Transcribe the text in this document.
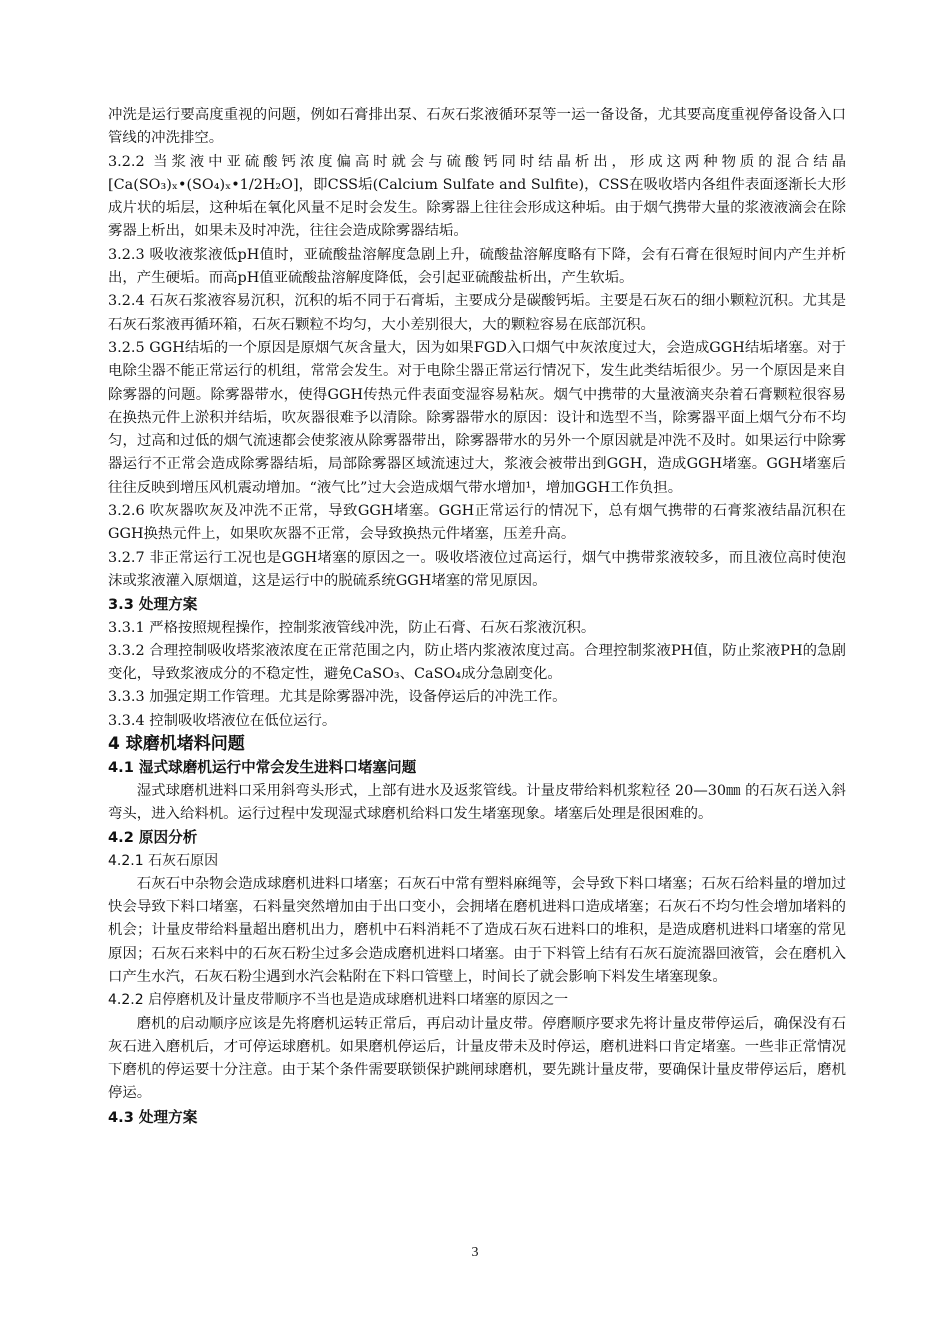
冲洗是运行要高度重视的问题，例如石膏排出泵、石灰石浆液循环泵等一运一备设备，尤其要高度重视停备设备入口管线的冲洗排空。

3.2.2 当浆液中亚硫酸钙浓度偏高时就会与硫酸钙同时结晶析出，形成这两种物质的混合结晶[Ca(SO₃)ₓ•(SO₄)ₓ•1/2H₂O]，即CSS垢(Calcium Sulfate and Sulfite)，CSS在吸收塔内各组件表面逐渐长大形成片状的垢层，这种垢在氧化风量不足时会发生。除雾器上往往会形成这种垢。由于烟气携带大量的浆液液滴会在除雾器上析出，如果未及时冲洗，往往会造成除雾器结垢。

3.2.3 吸收液浆液低pH值时，亚硫酸盐溶解度急剧上升，硫酸盐溶解度略有下降，会有石膏在很短时间内产生并析出，产生硬垢。而高pH值亚硫酸盐溶解度降低，会引起亚硫酸盐析出，产生软垢。

3.2.4 石灰石浆液容易沉积，沉积的垢不同于石膏垢，主要成分是碳酸钙垢。主要是石灰石的细小颗粒沉积。尤其是石灰石浆液再循环箱，石灰石颗粒不均匀，大小差别很大，大的颗粒容易在底部沉积。

3.2.5 GGH结垢的一个原因是原烟气灰含量大，因为如果FGD入口烟气中灰浓度过大，会造成GGH结垢堵塞。对于电除尘器不能正常运行的机组，常常会发生。对于电除尘器正常运行情况下，发生此类结垢很少。另一个原因是来自除雾器的问题。除雾器带水，使得GGH传热元件表面变湿容易粘灰。烟气中携带的大量液滴夹杂着石膏颗粒很容易在换热元件上淤积并结垢，吹灰器很难予以清除。除雾器带水的原因：设计和选型不当，除雾器平面上烟气分布不均匀，过高和过低的烟气流速都会使浆液从除雾器带出，除雾器带水的另外一个原因就是冲洗不及时。如果运行中除雾器运行不正常会造成除雾器结垢，局部除雾器区域流速过大，浆液会被带出到GGH，造成GGH堵塞。GGH堵塞后往往反映到增压风机震动增加。“液气比”过大会造成烟气带水增加¹，增加GGH工作负担。

3.2.6 吹灰器吹灰及冲洗不正常，导致GGH堵塞。GGH正常运行的情况下，总有烟气携带的石膏浆液结晶沉积在GGH换热元件上，如果吹灰器不正常，会导致换热元件堵塞，压差升高。

3.2.7 非正常运行工况也是GGH堵塞的原因之一。吸收塔液位过高运行，烟气中携带浆液较多，而且液位高时使泡沫或浆液灌入原烟道，这是运行中的脱硫系统GGH堵塞的常见原因。

3.3 处理方案

3.3.1 严格按照规程操作，控制浆液管线冲洗，防止石膏、石灰石浆液沉积。

3.3.2 合理控制吸收塔浆液浓度在正常范围之内，防止塔内浆液浓度过高。合理控制浆液PH值，防止浆液PH的急剧变化，导致浆液成分的不稳定性，避免CaSO₃、CaSO₄成分急剧变化。

3.3.3 加强定期工作管理。尤其是除雾器冲洗，设备停运后的冲洗工作。

3.3.4 控制吸收塔液位在低位运行。

4 球磨机堵料问题

4.1 湿式球磨机运行中常会发生进料口堵塞问题

湿式球磨机进料口采用斜弯头形式，上部有进水及返浆管线。计量皮带给料机浆粒径 20—30㎜ 的石灰石送入斜弯头，进入给料机。运行过程中发现湿式球磨机给料口发生堵塞现象。堵塞后处理是很困难的。

4.2 原因分析

4.2.1 石灰石原因

石灰石中杂物会造成球磨机进料口堵塞；石灰石中常有塑料麻绳等，会导致下料口堵塞；石灰石给料量的增加过快会导致下料口堵塞，石料量突然增加由于出口变小，会拥堵在磨机进料口造成堵塞；石灰石不均匀性会增加堵料的机会；计量皮带给料量超出磨机出力，磨机中石料消耗不了造成石灰石进料口的堆积，是造成磨机进料口堵塞的常见原因；石灰石来料中的石灰石粉尘过多会造成磨机进料口堵塞。由于下料管上结有石灰石旋流器回液管，会在磨机入口产生水汽，石灰石粉尘遇到水汽会粘附在下料口管壁上，时间长了就会影响下料发生堵塞现象。

4.2.2 启停磨机及计量皮带顺序不当也是造成球磨机进料口堵塞的原因之一

磨机的启动顺序应该是先将磨机运转正常后，再启动计量皮带。停磨顺序要求先将计量皮带停运后，确保没有石灰石进入磨机后，才可停运球磨机。如果磨机停运后，计量皮带未及时停运，磨机进料口肯定堵塞。一些非正常情况下磨机的停运要十分注意。由于某个条件需要联锁保护跳闸球磨机，要先跳计量皮带，要确保计量皮带停运后，磨机停运。

4.3 处理方案

3
